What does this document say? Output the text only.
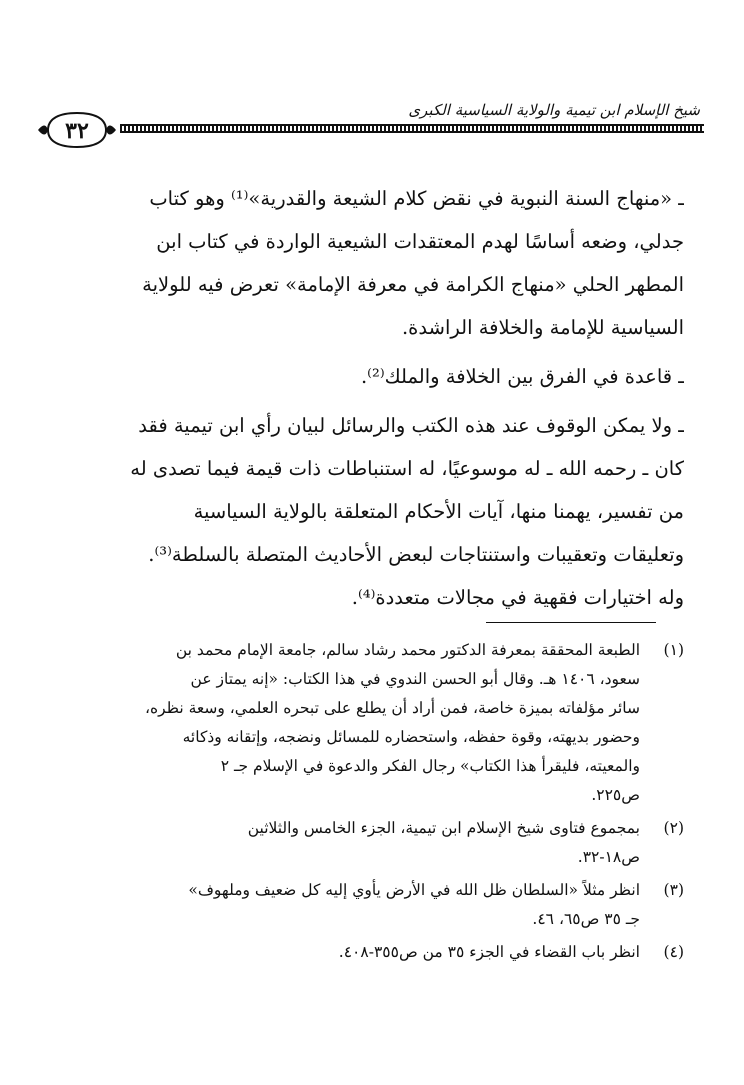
شيخ الإسلام ابن تيمية والولاية السياسية الكبرى
٣٢

ـ «منهاج السنة النبوية في نقض كلام الشيعة والقدرية»⁽¹⁾ وهو كتاب
جدلي، وضعه أساسًا لهدم المعتقدات الشيعية الواردة في كتاب ابن
المطهر الحلي «منهاج الكرامة في معرفة الإمامة» تعرض فيه للولاية
السياسية للإمامة والخلافة الراشدة.

ـ قاعدة في الفرق بين الخلافة والملك⁽²⁾.

ـ ولا يمكن الوقوف عند هذه الكتب والرسائل لبيان رأي ابن تيمية فقد
كان ـ رحمه الله ـ له موسوعيًا، له استنباطات ذات قيمة فيما تصدى له
من تفسير، يهمنا منها، آيات الأحكام المتعلقة بالولاية السياسية
وتعليقات وتعقيبات واستنتاجات لبعض الأحاديث المتصلة بالسلطة⁽³⁾.
وله اختيارات فقهية في مجالات متعددة⁽⁴⁾.

(١)
الطبعة المحققة بمعرفة الدكتور محمد رشاد سالم، جامعة الإمام محمد بن
سعود، ١٤٠٦ هـ. وقال أبو الحسن الندوي في هذا الكتاب: «إنه يمتاز عن
سائر مؤلفاته بميزة خاصة، فمن أراد أن يطلع على تبحره العلمي، وسعة نظره،
وحضور بديهته، وقوة حفظه، واستحضاره للمسائل ونضجه، وإتقانه وذكائه
والمعيته، فليقرأ هذا الكتاب» رجال الفكر والدعوة في الإسلام جـ ٢
ص٢٢٥.
(٢)
بمجموع فتاوى شيخ الإسلام ابن تيمية، الجزء الخامس والثلاثين
ص١٨-٣٢.
(٣)
انظر مثلاً «السلطان ظل الله في الأرض يأوي إليه كل ضعيف وملهوف»
جـ ٣٥ ص٦٥، ٤٦.
(٤)
انظر باب القضاء في الجزء ٣٥ من ص٣٥٥-٤٠٨.
